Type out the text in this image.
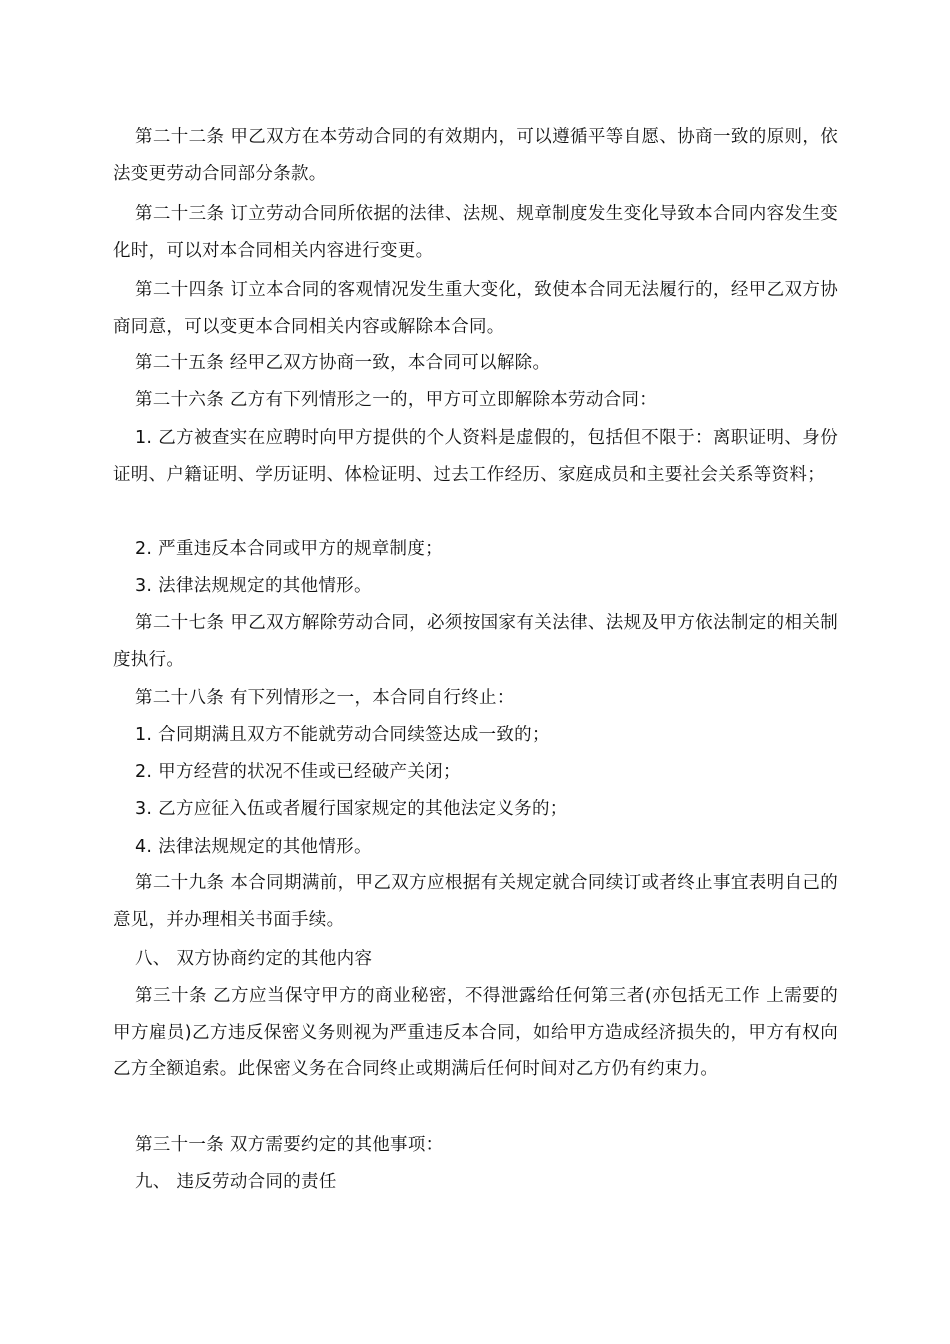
第二十二条 甲乙双方在本劳动合同的有效期内，可以遵循平等自愿、协商一致的原则，依法变更劳动合同部分条款。

第二十三条 订立劳动合同所依据的法律、法规、规章制度发生变化导致本合同内容发生变化时，可以对本合同相关内容进行变更。

第二十四条 订立本合同的客观情况发生重大变化，致使本合同无法履行的，经甲乙双方协商同意，可以变更本合同相关内容或解除本合同。

第二十五条 经甲乙双方协商一致，本合同可以解除。

第二十六条 乙方有下列情形之一的，甲方可立即解除本劳动合同：

1. 乙方被查实在应聘时向甲方提供的个人资料是虚假的，包括但不限于：离职证明、身份证明、户籍证明、学历证明、体检证明、过去工作经历、家庭成员和主要社会关系等资料；

2. 严重违反本合同或甲方的规章制度；

3. 法律法规规定的其他情形。

第二十七条 甲乙双方解除劳动合同，必须按国家有关法律、法规及甲方依法制定的相关制度执行。

第二十八条 有下列情形之一，本合同自行终止：

1. 合同期满且双方不能就劳动合同续签达成一致的；

2. 甲方经营的状况不佳或已经破产关闭；

3. 乙方应征入伍或者履行国家规定的其他法定义务的；

4. 法律法规规定的其他情形。

第二十九条 本合同期满前，甲乙双方应根据有关规定就合同续订或者终止事宜表明自己的意见，并办理相关书面手续。

八、 双方协商约定的其他内容

第三十条 乙方应当保守甲方的商业秘密，不得泄露给任何第三者(亦包括无工作 上需要的甲方雇员)乙方违反保密义务则视为严重违反本合同，如给甲方造成经济损失的，甲方有权向乙方全额追索。此保密义务在合同终止或期满后任何时间对乙方仍有约束力。

第三十一条 双方需要约定的其他事项：

九、 违反劳动合同的责任
